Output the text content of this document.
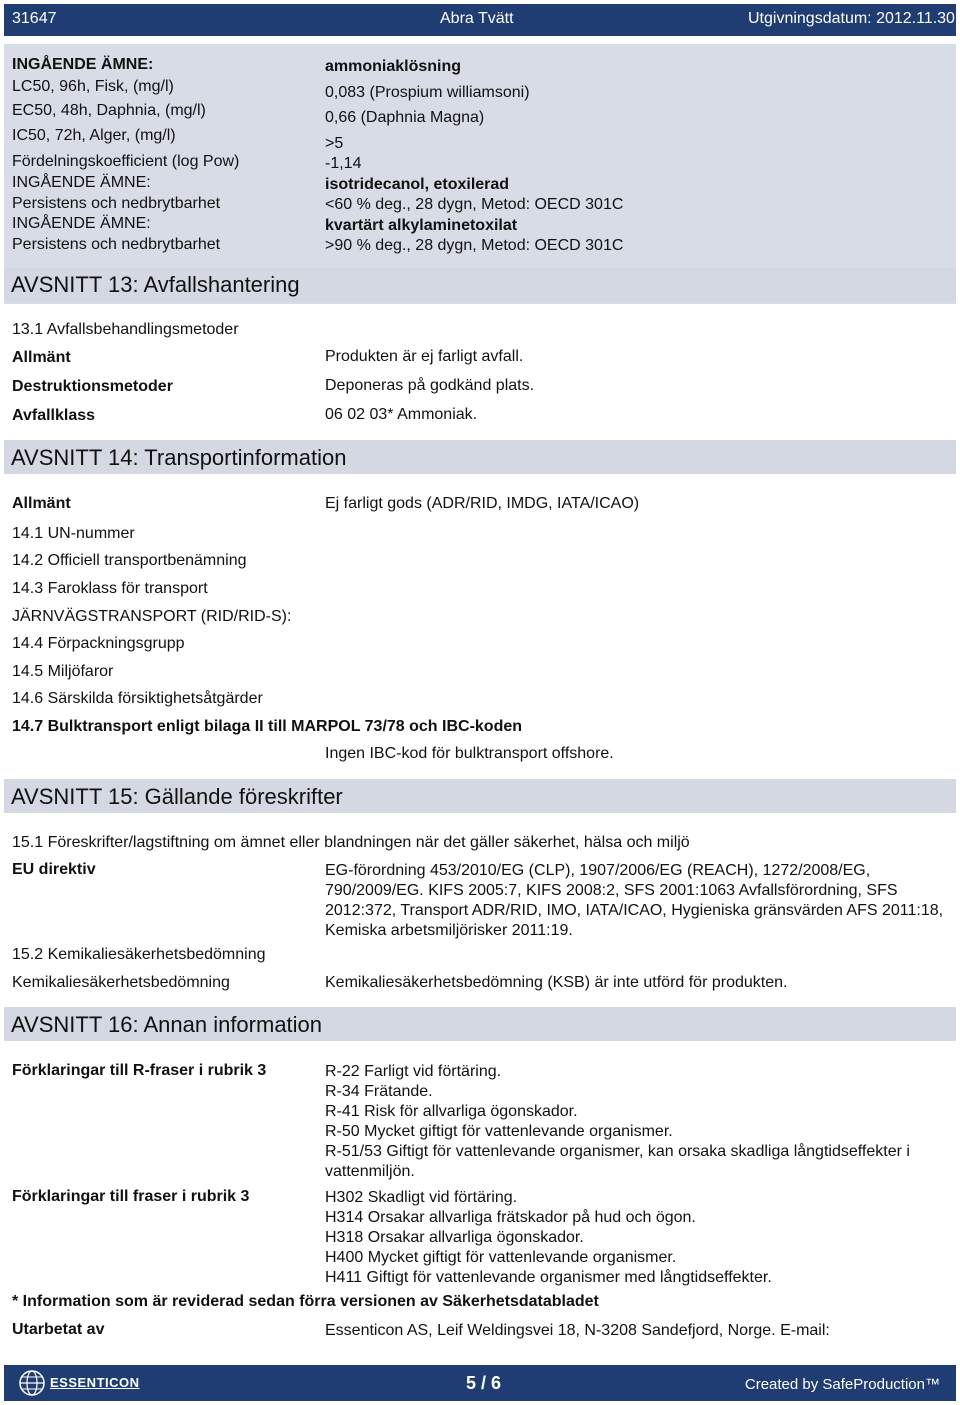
31647	Abra Tvätt	Utgivningsdatum: 2012.11.30
INGÅENDE ÄMNE:	ammoniaklösning
LC50, 96h, Fisk, (mg/l)	0,083 (Prospium williamsoni)
EC50, 48h, Daphnia, (mg/l)	0,66 (Daphnia Magna)
IC50, 72h, Alger, (mg/l)	>5
Fördelningskoefficient (log Pow)	-1,14
INGÅENDE ÄMNE:	isotridecanol, etoxilerad
Persistens och nedbrytbarhet	<60 % deg., 28 dygn, Metod: OECD 301C
INGÅENDE ÄMNE:	kvartärt alkylaminetoxilat
Persistens och nedbrytbarhet	>90 % deg., 28 dygn, Metod: OECD 301C
AVSNITT 13: Avfallshantering
13.1 Avfallsbehandlingsmetoder
Allmänt	Produkten är ej farligt avfall.
Destruktionsmetoder	Deponeras på godkänd plats.
Avfallklass	06 02 03* Ammoniak.
AVSNITT 14: Transportinformation
Allmänt	Ej farligt gods (ADR/RID, IMDG, IATA/ICAO)
14.1 UN-nummer
14.2 Officiell transportbenämning
14.3 Faroklass för transport
JÄRNVÄGSTRANSPORT (RID/RID-S):
14.4 Förpackningsgrupp
14.5 Miljöfaror
14.6 Särskilda försiktighetsåtgärder
14.7 Bulktransport enligt bilaga II till MARPOL 73/78 och IBC-koden
Ingen IBC-kod för bulktransport offshore.
AVSNITT 15: Gällande föreskrifter
15.1 Föreskrifter/lagstiftning om ämnet eller blandningen när det gäller säkerhet, hälsa och miljö
EU direktiv	EG-förordning 453/2010/EG (CLP), 1907/2006/EG (REACH), 1272/2008/EG,
790/2009/EG. KIFS 2005:7, KIFS 2008:2, SFS 2001:1063 Avfallsförordning, SFS
2012:372, Transport ADR/RID, IMO, IATA/ICAO, Hygieniska gränsvärden AFS 2011:18,
Kemiska arbetsmiljörisker 2011:19.
15.2 Kemikaliesäkerhetsbedömning
Kemikaliesäkerhetsbedömning	Kemikaliesäkerhetsbedömning (KSB) är inte utförd för produkten.
AVSNITT 16: Annan information
Förklaringar till R-fraser i rubrik 3	R-22 Farligt vid förtäring.
R-34 Frätande.
R-41 Risk för allvarliga ögonskador.
R-50 Mycket giftigt för vattenlevande organismer.
R-51/53 Giftigt för vattenlevande organismer, kan orsaka skadliga långtidseffekter i
vattenmiljön.
Förklaringar till fraser i rubrik 3	H302 Skadligt vid förtäring.
H314 Orsakar allvarliga frätskador på hud och ögon.
H318 Orsakar allvarliga ögonskador.
H400 Mycket giftigt för vattenlevande organismer.
H411 Giftigt för vattenlevande organismer med långtidseffekter.
* Information som är reviderad sedan förra versionen av Säkerhetsdatabladet
Utarbetat av	Essenticon AS, Leif Weldingsvei 18, N-3208 Sandefjord, Norge. E-mail:
ESSENTICON	5 / 6	Created by SafeProduction™
